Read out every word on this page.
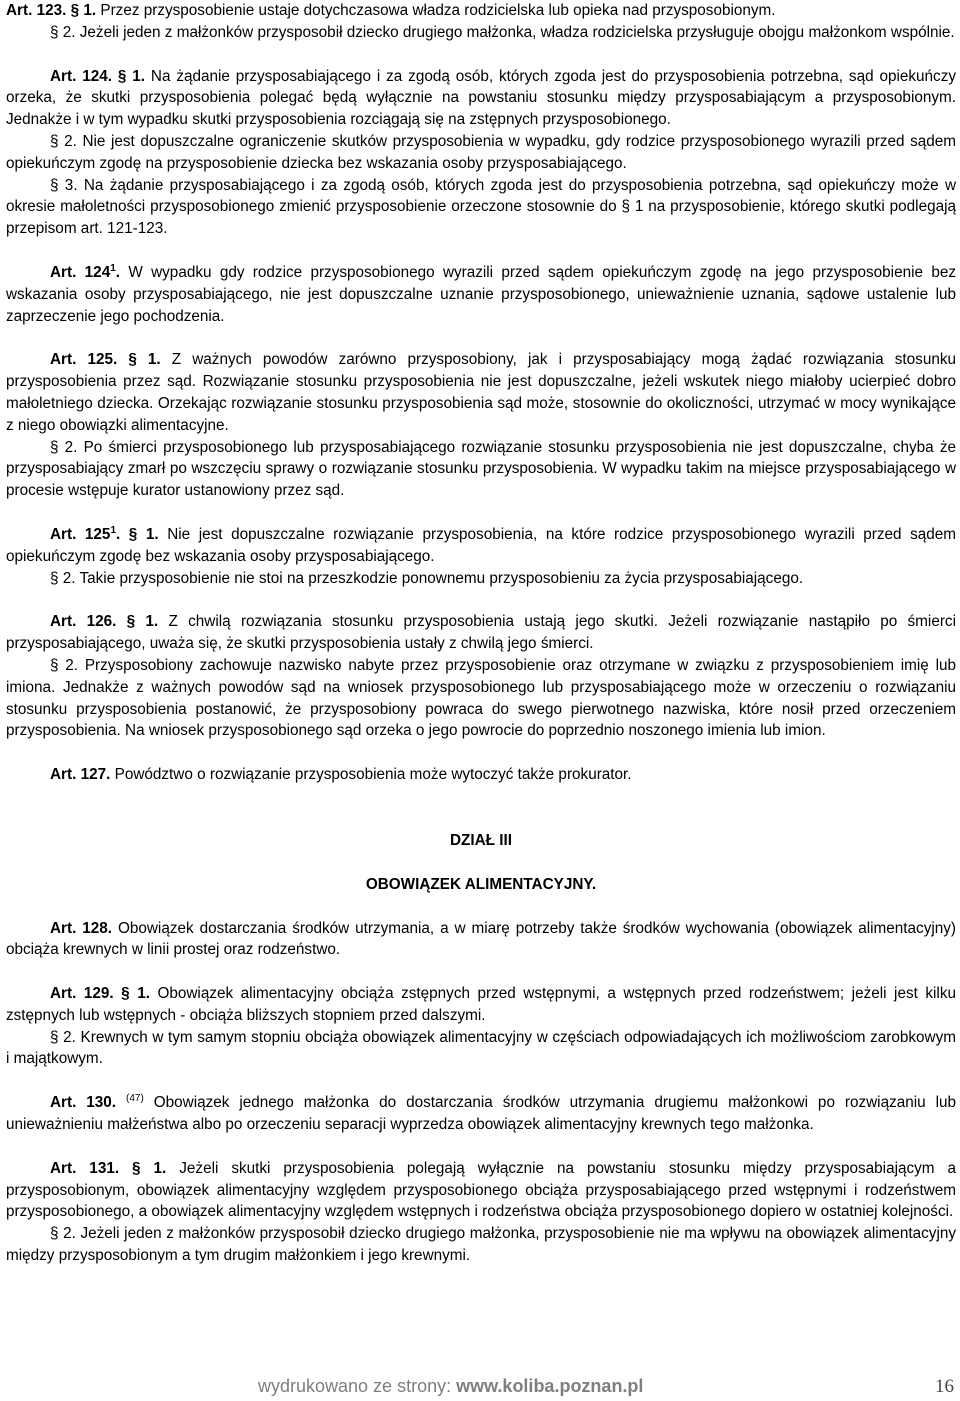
Art. 123. § 1. Przez przysposobienie ustaje dotychczasowa władza rodzicielska lub opieka nad przysposobionym.

§ 2. Jeżeli jeden z małżonków przysposobił dziecko drugiego małżonka, władza rodzicielska przysługuje obojgu małżonkom wspólnie.

Art. 124. § 1. Na żądanie przysposabiającego i za zgodą osób, których zgoda jest do przysposobienia potrzebna, sąd opiekuńczy orzeka, że skutki przysposobienia polegać będą wyłącznie na powstaniu stosunku między przysposabiającym a przysposobionym. Jednakże i w tym wypadku skutki przysposobienia rozciągają się na zstępnych przysposobionego.

§ 2. Nie jest dopuszczalne ograniczenie skutków przysposobienia w wypadku, gdy rodzice przysposobionego wyrazili przed sądem opiekuńczym zgodę na przysposobienie dziecka bez wskazania osoby przysposabiającego.

§ 3. Na żądanie przysposabiającego i za zgodą osób, których zgoda jest do przysposobienia potrzebna, sąd opiekuńczy może w okresie małoletności przysposobionego zmienić przysposobienie orzeczone stosownie do § 1 na przysposobienie, którego skutki podlegają przepisom art. 121-123.

Art. $124^1$. W wypadku gdy rodzice przysposobionego wyrazili przed sądem opiekuńczym zgodę na jego przysposobienie bez wskazania osoby przysposabiającego, nie jest dopuszczalne uznanie przysposobionego, unieważnienie uznania, sądowe ustalenie lub zaprzeczenie jego pochodzenia.

Art. 125. § 1. Z ważnych powodów zarówno przysposobiony, jak i przysposabiający mogą żądać rozwiązania stosunku przysposobienia przez sąd. Rozwiązanie stosunku przysposobienia nie jest dopuszczalne, jeżeli wskutek niego miałoby ucierpieć dobro małoletniego dziecka. Orzekając rozwiązanie stosunku przysposobienia sąd może, stosownie do okoliczności, utrzymać w mocy wynikające z niego obowiązki alimentacyjne.

§ 2. Po śmierci przysposobionego lub przysposabiającego rozwiązanie stosunku przysposobienia nie jest dopuszczalne, chyba że przysposabiający zmarł po wszczęciu sprawy o rozwiązanie stosunku przysposobienia. W wypadku takim na miejsce przysposabiającego w procesie wstępuje kurator ustanowiony przez sąd.

Art. $125^1$. § 1. Nie jest dopuszczalne rozwiązanie przysposobienia, na które rodzice przysposobionego wyrazili przed sądem opiekuńczym zgodę bez wskazania osoby przysposabiającego.

§ 2. Takie przysposobienie nie stoi na przeszkodzie ponownemu przysposobieniu za życia przysposabiającego.

Art. 126. § 1. Z chwilą rozwiązania stosunku przysposobienia ustają jego skutki. Jeżeli rozwiązanie nastąpiło po śmierci przysposabiającego, uważa się, że skutki przysposobienia ustały z chwilą jego śmierci.

§ 2. Przysposobiony zachowuje nazwisko nabyte przez przysposobienie oraz otrzymane w związku z przysposobieniem imię lub imiona. Jednakże z ważnych powodów sąd na wniosek przysposobionego lub przysposabiającego może w orzeczeniu o rozwiązaniu stosunku przysposobienia postanowić, że przysposobiony powraca do swego pierwotnego nazwiska, które nosił przed orzeczeniem przysposobienia. Na wniosek przysposobionego sąd orzeka o jego powrocie do poprzednio noszonego imienia lub imion.

Art. 127. Powództwo o rozwiązanie przysposobienia może wytoczyć także prokurator.

DZIAŁ III
OBOWIĄZEK ALIMENTACYJNY.

Art. 128. Obowiązek dostarczania środków utrzymania, a w miarę potrzeby także środków wychowania (obowiązek alimentacyjny) obciąża krewnych w linii prostej oraz rodzeństwo.

Art. 129. § 1. Obowiązek alimentacyjny obciąża zstępnych przed wstępnymi, a wstępnych przed rodzeństwem; jeżeli jest kilku zstępnych lub wstępnych - obciąża bliższych stopniem przed dalszymi.

§ 2. Krewnych w tym samym stopniu obciąża obowiązek alimentacyjny w częściach odpowiadających ich możliwościom zarobkowym i majątkowym.

Art. 130. $^{(47)}$ Obowiązek jednego małżonka do dostarczania środków utrzymania drugiemu małżonkowi po rozwiązaniu lub unieważnieniu małżeństwa albo po orzeczeniu separacji wyprzedza obowiązek alimentacyjny krewnych tego małżonka.

Art. 131. § 1. Jeżeli skutki przysposobienia polegają wyłącznie na powstaniu stosunku między przysposabiającym a przysposobionym, obowiązek alimentacyjny względem przysposobionego obciąża przysposabiającego przed wstępnymi i rodzeństwem przysposobionego, a obowiązek alimentacyjny względem wstępnych i rodzeństwa obciąża przysposobionego dopiero w ostatniej kolejności.

§ 2. Jeżeli jeden z małżonków przysposobił dziecko drugiego małżonka, przysposobienie nie ma wpływu na obowiązek alimentacyjny między przysposobionym a tym drugim małżonkiem i jego krewnymi.

wydrukowano ze strony: www.koliba.poznan.pl	16
